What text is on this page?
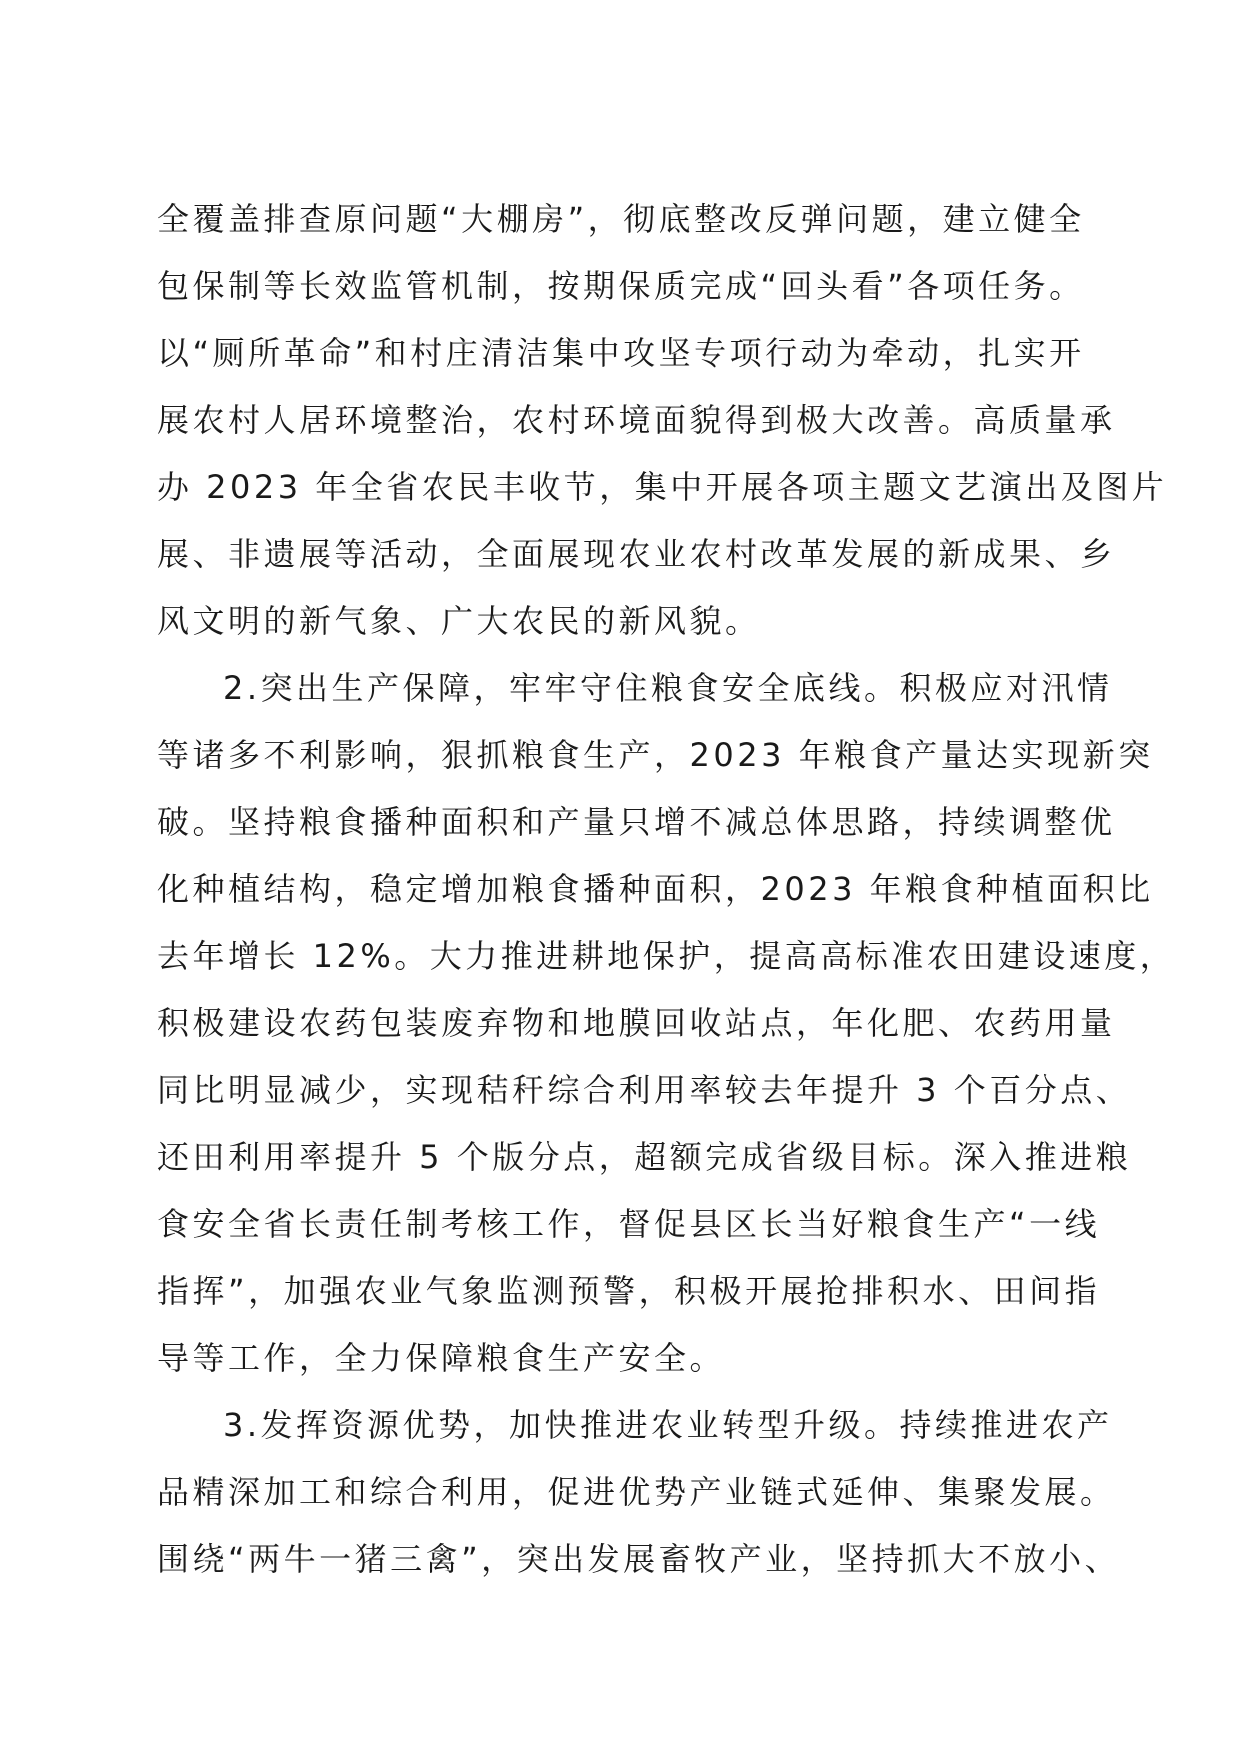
全覆盖排查原问题“大棚房”，彻底整改反弹问题，建立健全
包保制等长效监管机制，按期保质完成“回头看”各项任务。
以“厕所革命”和村庄清洁集中攻坚专项行动为牵动，扎实开
展农村人居环境整治，农村环境面貌得到极大改善。高质量承
办 2023 年全省农民丰收节，集中开展各项主题文艺演出及图片
展、非遗展等活动，全面展现农业农村改革发展的新成果、乡
风文明的新气象、广大农民的新风貌。
2.突出生产保障，牢牢守住粮食安全底线。积极应对汛情
等诸多不利影响，狠抓粮食生产，2023 年粮食产量达实现新突
破。坚持粮食播种面积和产量只增不减总体思路，持续调整优
化种植结构，稳定增加粮食播种面积，2023 年粮食种植面积比
去年增长 12%。大力推进耕地保护，提高高标准农田建设速度，
积极建设农药包装废弃物和地膜回收站点，年化肥、农药用量
同比明显减少，实现秸秆综合利用率较去年提升 3 个百分点、
还田利用率提升 5 个版分点，超额完成省级目标。深入推进粮
食安全省长责任制考核工作，督促县区长当好粮食生产“一线
指挥”，加强农业气象监测预警，积极开展抢排积水、田间指
导等工作，全力保障粮食生产安全。
3.发挥资源优势，加快推进农业转型升级。持续推进农产
品精深加工和综合利用，促进优势产业链式延伸、集聚发展。
围绕“两牛一猪三禽”，突出发展畜牧产业，坚持抓大不放小、
